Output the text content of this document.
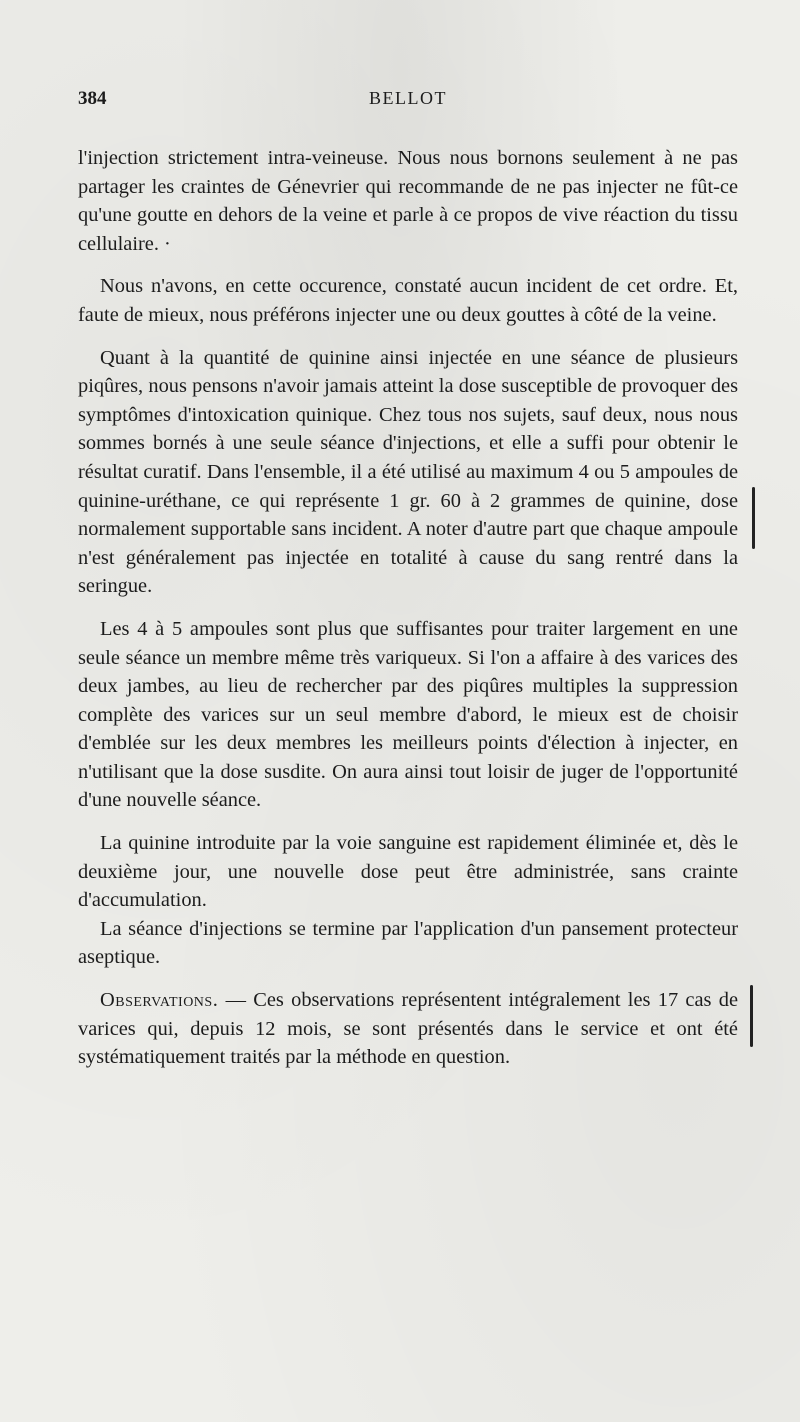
384	BELLOT

l'injection strictement intra-veineuse. Nous nous bornons seulement à ne pas partager les craintes de Génevrier qui recommande de ne pas injecter ne fût-ce qu'une goutte en dehors de la veine et parle à ce propos de vive réaction du tissu cellulaire. ·

Nous n'avons, en cette occurence, constaté aucun incident de cet ordre. Et, faute de mieux, nous préférons injecter une ou deux gouttes à côté de la veine.

Quant à la quantité de quinine ainsi injectée en une séance de plusieurs piqûres, nous pensons n'avoir jamais atteint la dose susceptible de provoquer des symptômes d'intoxication quinique. Chez tous nos sujets, sauf deux, nous nous sommes bornés à une seule séance d'injections, et elle a suffi pour obtenir le résultat curatif. Dans l'ensemble, il a été utilisé au maximum 4 ou 5 ampoules de quinine-uréthane, ce qui représente 1 gr. 60 à 2 grammes de quinine, dose normalement supportable sans incident. A noter d'autre part que chaque ampoule n'est généralement pas injectée en totalité à cause du sang rentré dans la seringue.

Les 4 à 5 ampoules sont plus que suffisantes pour traiter largement en une seule séance un membre même très variqueux. Si l'on a affaire à des varices des deux jambes, au lieu de rechercher par des piqûres multiples la suppression complète des varices sur un seul membre d'abord, le mieux est de choisir d'emblée sur les deux membres les meilleurs points d'élection à injecter, en n'utilisant que la dose susdite. On aura ainsi tout loisir de juger de l'opportunité d'une nouvelle séance.

La quinine introduite par la voie sanguine est rapidement éliminée et, dès le deuxième jour, une nouvelle dose peut être administrée, sans crainte d'accumulation.

La séance d'injections se termine par l'application d'un pansement protecteur aseptique.

Observations. — Ces observations représentent intégralement les 17 cas de varices qui, depuis 12 mois, se sont présentés dans le service et ont été systématiquement traités par la méthode en question.
